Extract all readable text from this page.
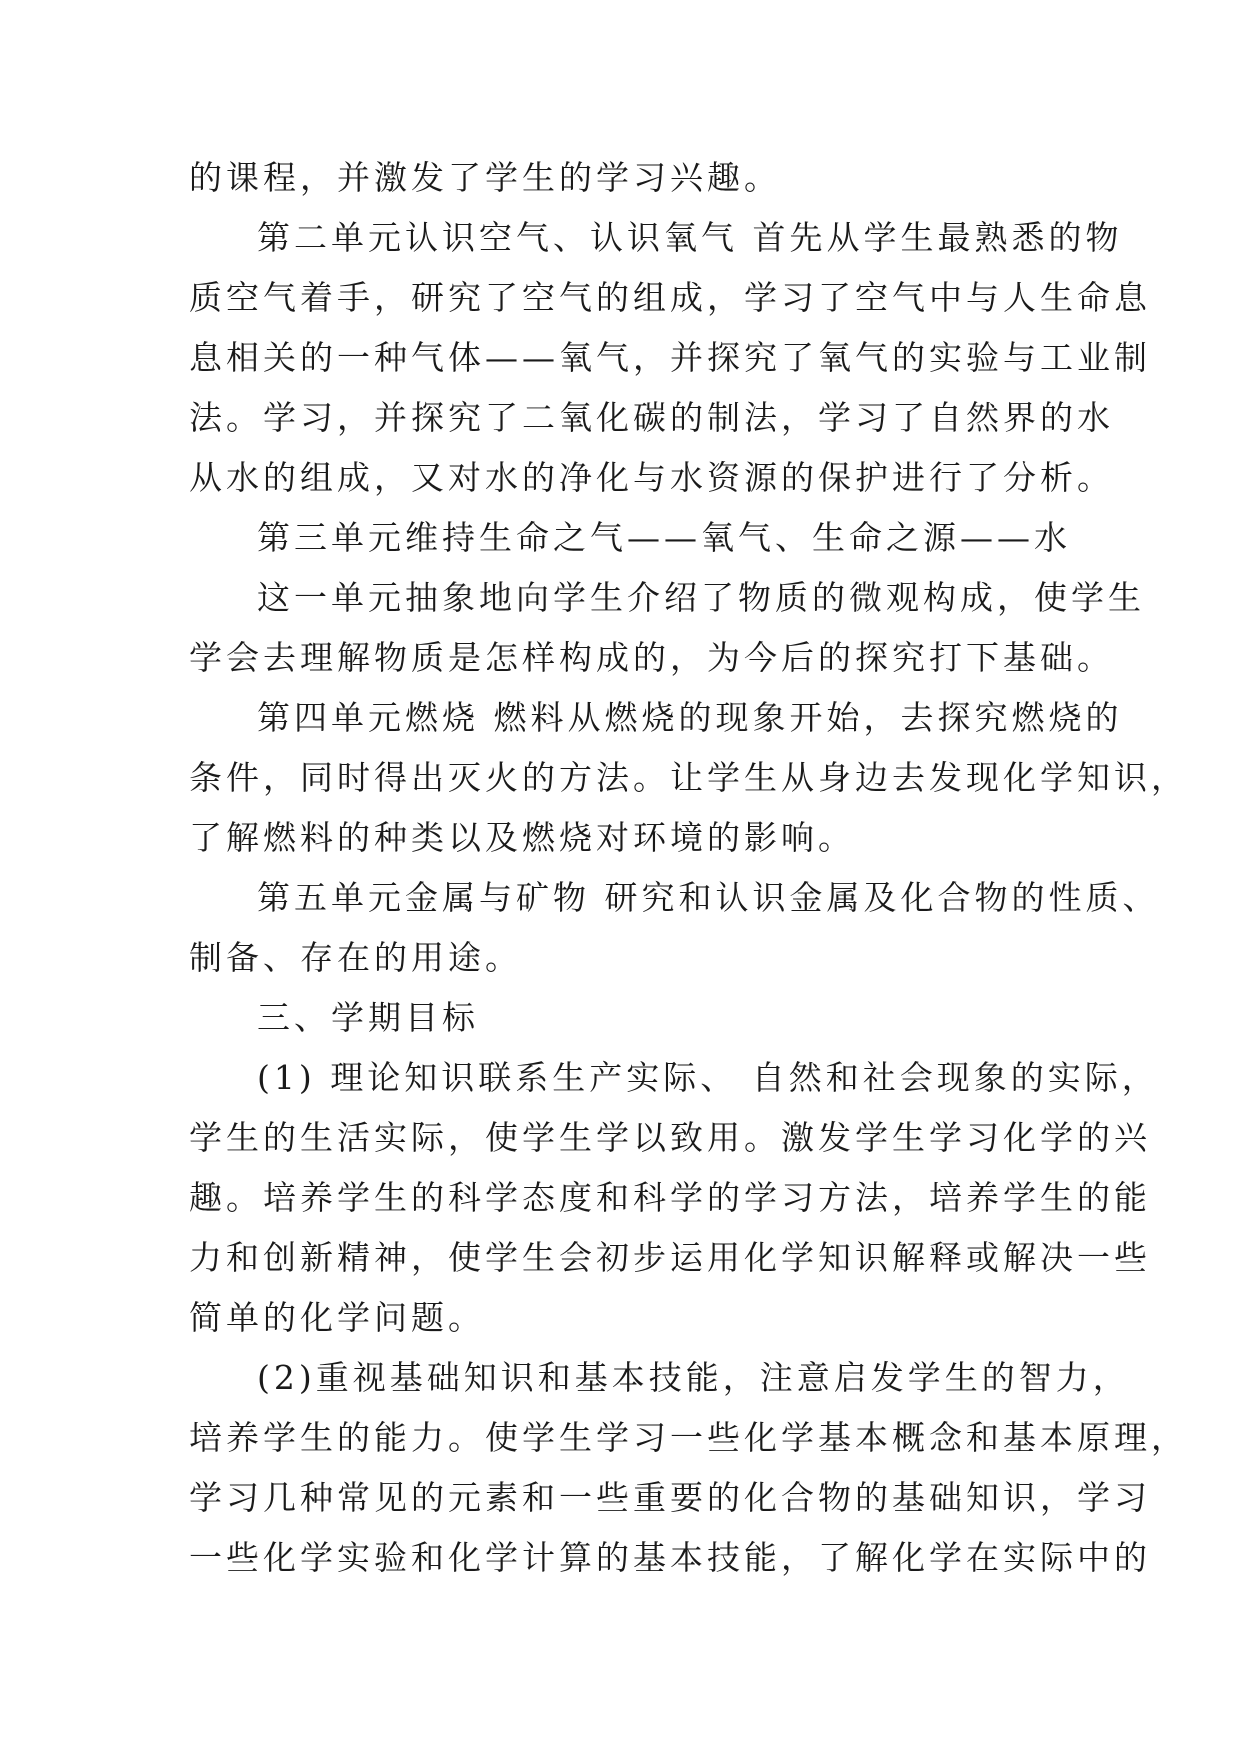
的课程，并激发了学生的学习兴趣。
第二单元认识空气、认识氧气 首先从学生最熟悉的物
质空气着手，研究了空气的组成，学习了空气中与人生命息
息相关的一种气体——氧气，并探究了氧气的实验与工业制
法。学习，并探究了二氧化碳的制法，学习了自然界的水
从水的组成，又对水的净化与水资源的保护进行了分析。
第三单元维持生命之气——氧气、生命之源——水
这一单元抽象地向学生介绍了物质的微观构成，使学生
学会去理解物质是怎样构成的，为今后的探究打下基础。
第四单元燃烧 燃料从燃烧的现象开始，去探究燃烧的
条件，同时得出灭火的方法。让学生从身边去发现化学知识，
了解燃料的种类以及燃烧对环境的影响。
第五单元金属与矿物 研究和认识金属及化合物的性质、
制备、存在的用途。
三、学期目标
(1) 理论知识联系生产实际、 自然和社会现象的实际，
学生的生活实际，使学生学以致用。激发学生学习化学的兴
趣。培养学生的科学态度和科学的学习方法，培养学生的能
力和创新精神，使学生会初步运用化学知识解释或解决一些
简单的化学问题。
(2)重视基础知识和基本技能，注意启发学生的智力，
培养学生的能力。使学生学习一些化学基本概念和基本原理，
学习几种常见的元素和一些重要的化合物的基础知识，学习
一些化学实验和化学计算的基本技能，了解化学在实际中的
